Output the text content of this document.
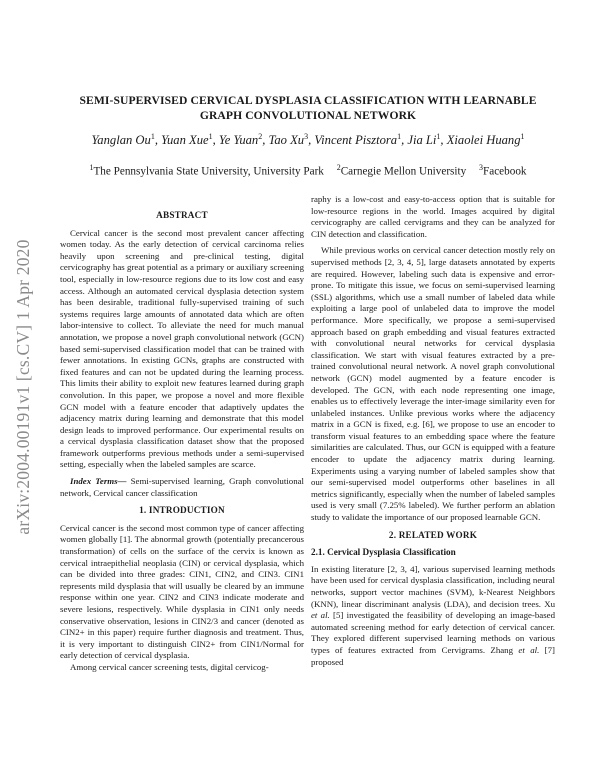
arXiv:2004.00191v1 [cs.CV] 1 Apr 2020
SEMI-SUPERVISED CERVICAL DYSPLASIA CLASSIFICATION WITH LEARNABLE
GRAPH CONVOLUTIONAL NETWORK
Yanglan Ou$^1$, Yuan Xue$^1$, Ye Yuan$^2$, Tao Xu$^3$, Vincent Pisztora$^1$, Jia Li$^1$, Xiaolei Huang$^1$
$^1$The Pennsylvania State University, University Park $^2$Carnegie Mellon University $^3$Facebook

ABSTRACT

Cervical cancer is the second most prevalent cancer affecting women today. As the early detection of cervical carcinoma relies heavily upon screening and pre-clinical testing, digital cervicography has great potential as a primary or auxiliary screening tool, especially in low-resource regions due to its low cost and easy access. Although an automated cervical dysplasia detection system has been desirable, traditional fully-supervised training of such systems requires large amounts of annotated data which are often labor-intensive to collect. To alleviate the need for much manual annotation, we propose a novel graph convolutional network (GCN) based semi-supervised classification model that can be trained with fewer annotations. In existing GCNs, graphs are constructed with fixed features and can not be updated during the learning process. This limits their ability to exploit new features learned during graph convolution. In this paper, we propose a novel and more flexible GCN model with a feature encoder that adaptively updates the adjacency matrix during learning and demonstrate that this model design leads to improved performance. Our experimental results on a cervical dysplasia classification dataset show that the proposed framework outperforms previous methods under a semi-supervised setting, especially when the labeled samples are scarce.

Index Terms— Semi-supervised learning, Graph convolutional network, Cervical cancer classification

1. INTRODUCTION

Cervical cancer is the second most common type of cancer affecting women globally [1]. The abnormal growth (potentially precancerous transformation) of cells on the surface of the cervix is known as cervical intraepithelial neoplasia (CIN) or cervical dysplasia, which can be divided into three grades: CIN1, CIN2, and CIN3. CIN1 represents mild dysplasia that will usually be cleared by an immune response within one year. CIN2 and CIN3 indicate moderate and severe lesions, respectively. While dysplasia in CIN1 only needs conservative observation, lesions in CIN2/3 and cancer (denoted as CIN2+ in this paper) require further diagnosis and treatment. Thus, it is very important to distinguish CIN2+ from CIN1/Normal for early detection of cervical dysplasia.

Among cervical cancer screening tests, digital cervicog-

raphy is a low-cost and easy-to-access option that is suitable for low-resource regions in the world. Images acquired by digital cervicography are called cervigrams and they can be analyzed for CIN detection and classification.

While previous works on cervical cancer detection mostly rely on supervised methods [2, 3, 4, 5], large datasets annotated by experts are required. However, labeling such data is expensive and error-prone. To mitigate this issue, we focus on semi-supervised learning (SSL) algorithms, which use a small number of labeled data while exploiting a large pool of unlabeled data to improve the model performance. More specifically, we propose a semi-supervised approach based on graph embedding and visual features extracted with convolutional neural networks for cervical dysplasia classification. We start with visual features extracted by a pre-trained convolutional neural network. A novel graph convolutional network (GCN) model augmented by a feature encoder is developed. The GCN, with each node representing one image, enables us to effectively leverage the inter-image similarity even for unlabeled instances. Unlike previous works where the adjacency matrix in a GCN is fixed, e.g. [6], we propose to use an encoder to transform visual features to an embedding space where the feature similarities are calculated. Thus, our GCN is equipped with a feature encoder to update the adjacency matrix during learning. Experiments using a varying number of labeled samples show that our semi-supervised model outperforms other baselines in all metrics significantly, especially when the number of labeled samples used is very small (7.25% labeled). We further perform an ablation study to validate the importance of our proposed learnable GCN.

2. RELATED WORK

2.1. Cervical Dysplasia Classification

In existing literature [2, 3, 4], various supervised learning methods have been used for cervical dysplasia classification, including neural networks, support vector machines (SVM), k-Nearest Neighbors (KNN), linear discriminant analysis (LDA), and decision trees. Xu et al. [5] investigated the feasibility of developing an image-based automated screening method for early detection of cervical cancer. They explored different supervised learning methods on various types of features extracted from Cervigrams. Zhang et al. [7] proposed
